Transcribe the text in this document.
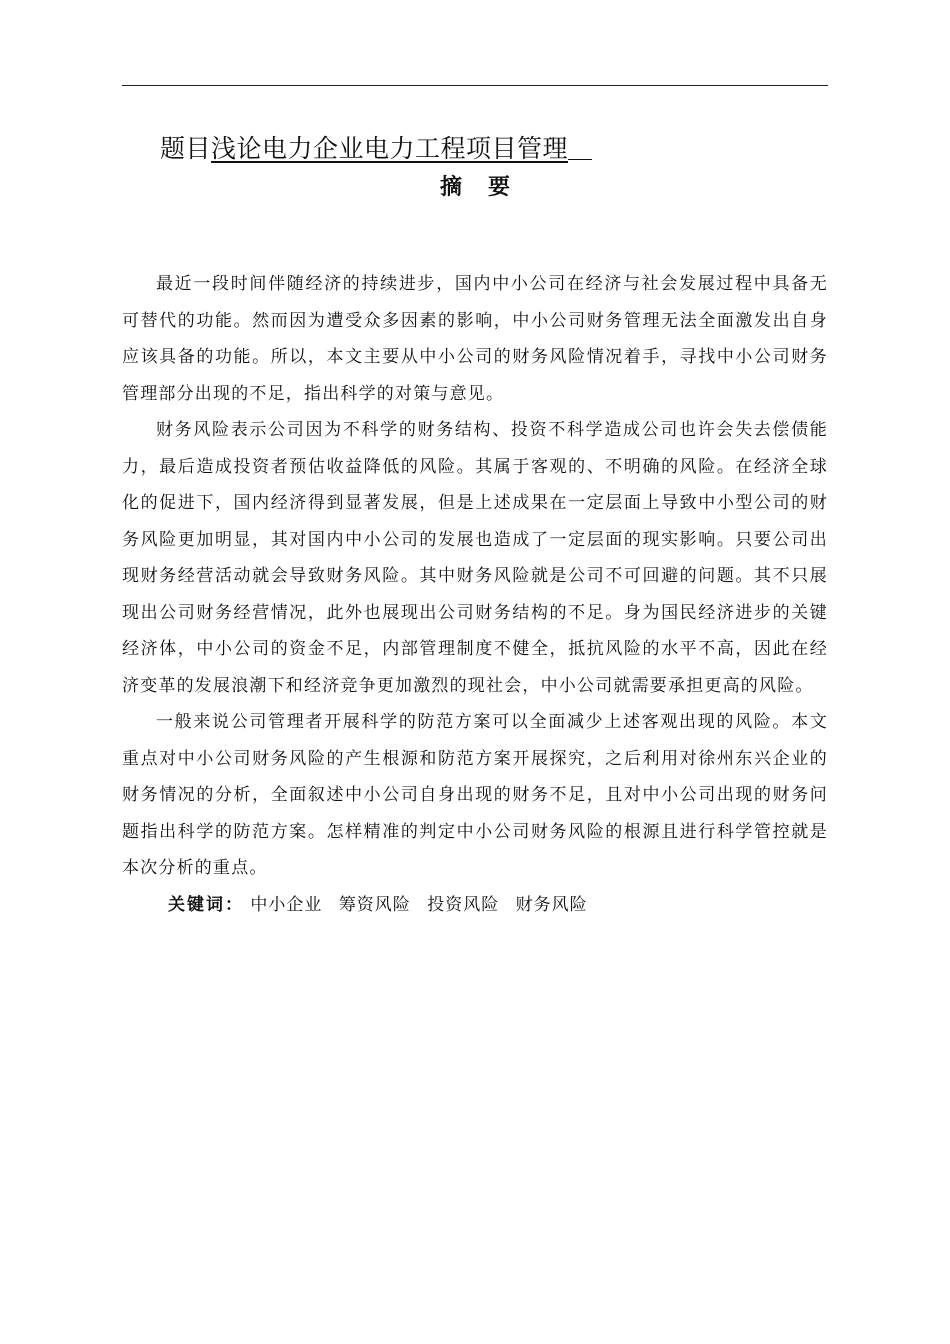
题目浅论电力企业电力工程项目管理
摘要

最近一段时间伴随经济的持续进步，国内中小公司在经济与社会发展过程中具备无可替代的功能。然而因为遭受众多因素的影响，中小公司财务管理无法全面激发出自身应该具备的功能。所以，本文主要从中小公司的财务风险情况着手，寻找中小公司财务管理部分出现的不足，指出科学的对策与意见。

财务风险表示公司因为不科学的财务结构、投资不科学造成公司也许会失去偿债能力，最后造成投资者预估收益降低的风险。其属于客观的、不明确的风险。在经济全球化的促进下，国内经济得到显著发展，但是上述成果在一定层面上导致中小型公司的财务风险更加明显，其对国内中小公司的发展也造成了一定层面的现实影响。只要公司出现财务经营活动就会导致财务风险。其中财务风险就是公司不可回避的问题。其不只展现出公司财务经营情况，此外也展现出公司财务结构的不足。身为国民经济进步的关键经济体，中小公司的资金不足，内部管理制度不健全，抵抗风险的水平不高，因此在经济变革的发展浪潮下和经济竞争更加激烈的现社会，中小公司就需要承担更高的风险。

一般来说公司管理者开展科学的防范方案可以全面减少上述客观出现的风险。本文重点对中小公司财务风险的产生根源和防范方案开展探究，之后利用对徐州东兴企业的财务情况的分析，全面叙述中小公司自身出现的财务不足，且对中小公司出现的财务问题指出科学的防范方案。怎样精准的判定中小公司财务风险的根源且进行科学管控就是本次分析的重点。

关键词： 中小企业 筹资风险 投资风险 财务风险
